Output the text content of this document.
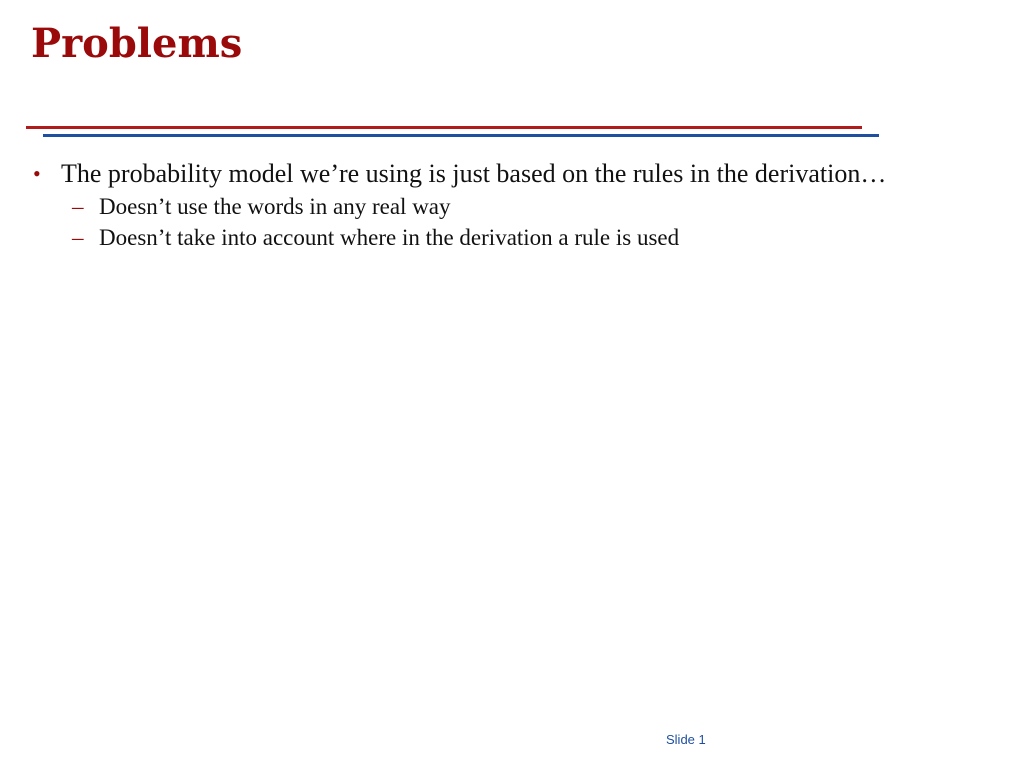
Problems
• The probability model we’re using is just based on the rules in the derivation…
– Doesn’t use the words in any real way
– Doesn’t take into account where in the derivation a rule is used
Slide 1
